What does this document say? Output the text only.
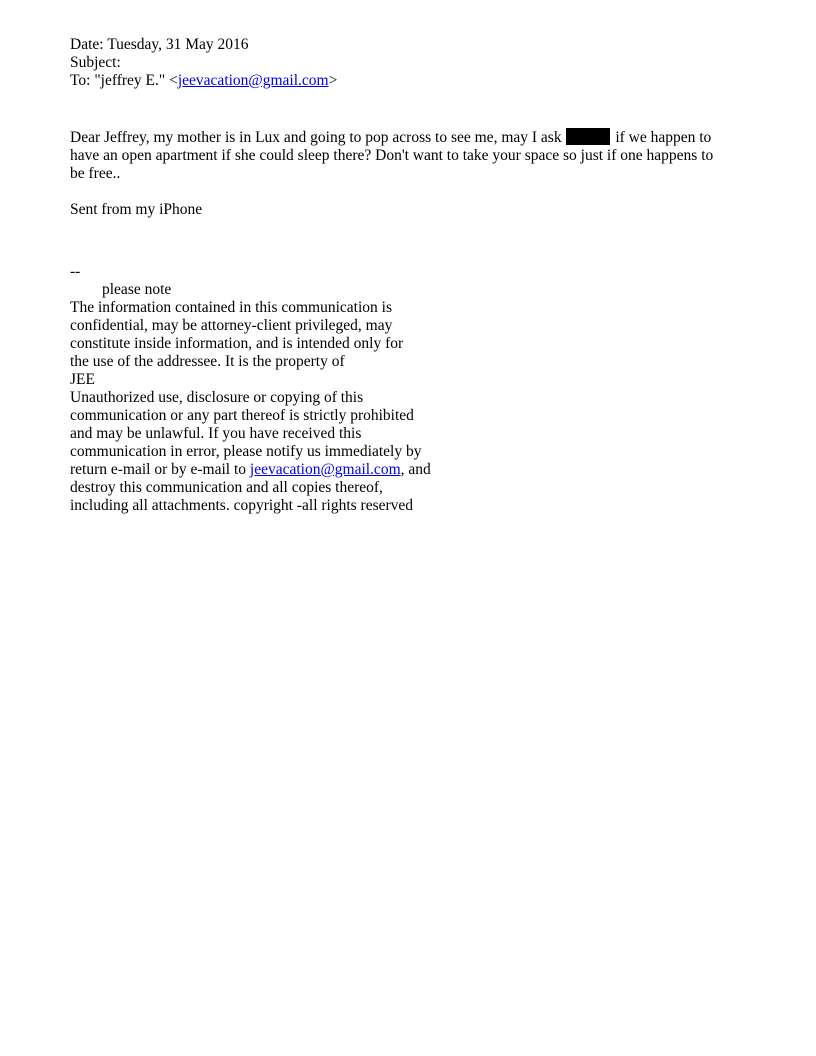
Date: Tuesday, 31 May 2016
Subject:
To: "jeffrey E." <jeevacation@gmail.com>
Dear Jeffrey, my mother is in Lux and going to pop across to see me, may I ask	if we happen to
have an open apartment if she could sleep there? Don't want to take your space so just if one happens to
be free..
Sent from my iPhone
--
please note
The information contained in this communication is
confidential, may be attorney-client privileged, may
constitute inside information, and is intended only for
the use of the addressee. It is the property of
JEE
Unauthorized use, disclosure or copying of this
communication or any part thereof is strictly prohibited
and may be unlawful. If you have received this
communication in error, please notify us immediately by
return e-mail or by e-mail to jeevacation@gmail.com, and
destroy this communication and all copies thereof,
including all attachments. copyright -all rights reserved
